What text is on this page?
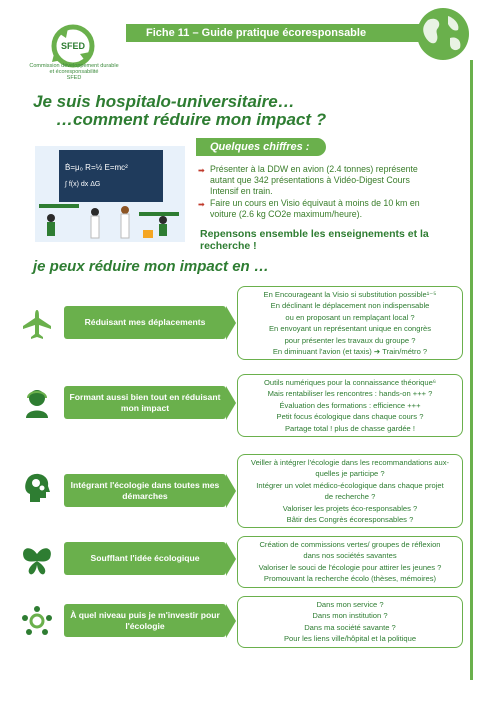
SFED
Commission développement durable
et écoresponsabilité
SFED
Fiche 11 – Guide pratique écoresponsable
Je suis hospitalo-universitaire…
…comment réduire mon impact ?
Ḃ=μ₀ R=½ E=mc²
∫ f(x) dx ΔG
Quelques chiffres :
➡ Présenter à la DDW en avion (2.4 tonnes) représente autant que 342 présentations à Vidéo-Digest Cours Intensif en train.
➡ Faire un cours en Visio équivaut à moins de 10 km en voiture (2.6 kg CO2e maximum/heure).
Repensons ensemble les enseignements et la recherche !
je peux réduire mon impact en …
Réduisant mes déplacements
En Encourageant la Visio si substitution possible¹⁻⁵
En déclinant le déplacement non indispensable
ou en proposant un remplaçant local ?
En envoyant un représentant unique en congrès
pour présenter les travaux du groupe ?
En diminuant l'avion (et taxis) ➔ Train/métro ?
Formant aussi bien tout en réduisant mon impact
Outils numériques pour la connaissance théorique⁶
Mais rentabiliser les rencontres : hands-on +++ ?
Évaluation des formations : efficience +++
Petit focus écologique dans chaque cours ?
Partage total ! plus de chasse gardée !
Intégrant l'écologie dans toutes mes démarches
Veiller à intégrer l'écologie dans les recommandations aux-
quelles je participe ?
Intégrer un volet médico-écologique dans chaque projet
de recherche ?
Valoriser les projets éco-responsables ?
Bâtir des Congrès écoresponsables ?
Soufflant l'idée écologique
Création de commissions vertes/ groupes de réflexion
dans nos sociétés savantes
Valoriser le souci de l'écologie pour attirer les jeunes ?
Promouvant la recherche écolo (thèses, mémoires)
À quel niveau puis je m'investir pour l'écologie
Dans mon service ?
Dans mon institution ?
Dans ma société savante ?
Pour les liens ville/hôpital et la politique
